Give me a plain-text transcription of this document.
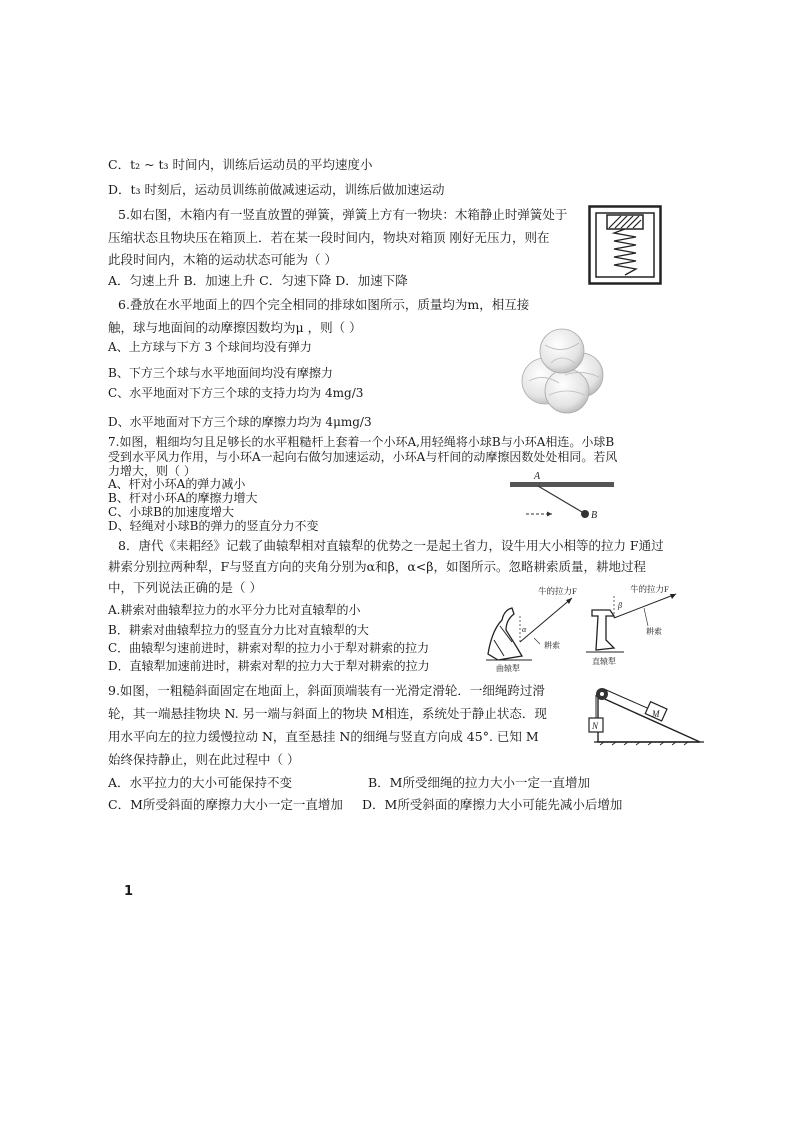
C．t₂ ~ t₃ 时间内，训练后运动员的平均速度小
D．t₃ 时刻后，运动员训练前做减速运动，训练后做加速运动
5.如右图，木箱内有一竖直放置的弹簧，弹簧上方有一物块：木箱静止时弹簧处于
压缩状态且物块压在箱顶上．若在某一段时间内，物块对箱顶 刚好无压力，则在
此段时间内，木箱的运动状态可能为（ ）
A．匀速上升 B．加速上升 C．匀速下降 D．加速下降
6.叠放在水平地面上的四个完全相同的排球如图所示，质量均为m，相互接
触，球与地面间的动摩擦因数均为μ ，则（ ）
A、上方球与下方 3 个球间均没有弹力
B、下方三个球与水平地面间均没有摩擦力
C、水平地面对下方三个球的支持力均为 4mg/3
D、水平地面对下方三个球的摩擦力均为 4μmg/3
7.如图，粗细均匀且足够长的水平粗糙杆上套着一个小环A,用轻绳将小球B与小环A相连。小球B
受到水平风力作用，与小环A一起向右做匀加速运动，小环A与杆间的动摩擦因数处处相同。若风
力增大，则（ ）
A、杆对小环A的弹力减小
B、杆对小环A的摩擦力增大
C、小球B的加速度增大
D、轻绳对小球B的弹力的竖直分力不变
A
B
8．唐代《耒耜经》记载了曲辕犁相对直辕犁的优势之一是起土省力，设牛用大小相等的拉力 F通过
耕索分别拉两种犁，F与竖直方向的夹角分别为α和β，α<β，如图所示。忽略耕索质量，耕地过程
中，下列说法正确的是（ ）
A.耕索对曲辕犁拉力的水平分力比对直辕犁的小
B．耕索对曲辕犁拉力的竖直分力比对直辕犁的大
C．曲辕犁匀速前进时，耕索对犁的拉力小于犁对耕索的拉力
D．直辕犁加速前进时，耕索对犁的拉力大于犁对耕索的拉力
牛的拉力F
α
耕索
曲辕犁
牛的拉力F
β
耕索
直辕犁
9.如图，一粗糙斜面固定在地面上，斜面顶端装有一光滑定滑轮．一细绳跨过滑
轮，其一端悬挂物块 N. 另一端与斜面上的物块 M相连，系统处于静止状态．现
用水平向左的拉力缓慢拉动 N，直至悬挂 N的细绳与竖直方向成 45°. 已知 M
始终保持静止，则在此过程中（ ）
A．水平拉力的大小可能保持不变	B．M所受细绳的拉力大小一定一直增加
C．M所受斜面的摩擦力大小一定一直增加 D．M所受斜面的摩擦力大小可能先减小后增加
M
N
1
